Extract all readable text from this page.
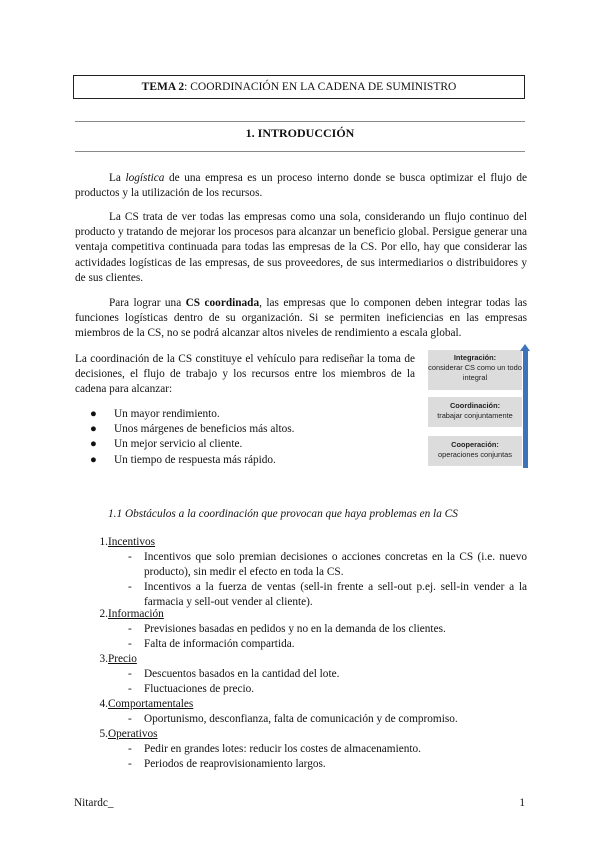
TEMA 2 : COORDINACIÓN EN LA CADENA DE SUMINISTRO
1. INTRODUCCIÓN
La logística de una empresa es un proceso interno donde se busca optimizar el flujo de productos y la utilización de los recursos.
La CS trata de ver todas las empresas como una sola, considerando un flujo continuo del producto y tratando de mejorar los procesos para alcanzar un beneficio global. Persigue generar una ventaja competitiva continuada para todas las empresas de la CS. Por ello, hay que considerar las actividades logísticas de las empresas, de sus proveedores, de sus intermediarios o distribuidores y de sus clientes.
Para lograr una CS coordinada, las empresas que lo componen deben integrar todas las funciones logísticas dentro de su organización. Si se permiten ineficiencias en las empresas miembros de la CS, no se podrá alcanzar altos niveles de rendimiento a escala global.
La coordinación de la CS constituye el vehículo para rediseñar la toma de decisiones, el flujo de trabajo y los recursos entre los miembros de la cadena para alcanzar:
● Un mayor rendimiento.
● Unos márgenes de beneficios más altos.
● Un mejor servicio al cliente.
● Un tiempo de respuesta más rápido.
Integración:
considerar CS como un todo integral
Coordinación:
trabajar conjuntamente
Cooperación:
operaciones conjuntas
1.1 Obstáculos a la coordinación que provocan que haya problemas en la CS
1.Incentivos
- Incentivos que solo premian decisiones o acciones concretas en la CS (i.e. nuevo producto), sin medir el efecto en toda la CS.
- Incentivos a la fuerza de ventas (sell-in frente a sell-out p.ej. sell-in vender a la farmacia y sell-out vender al cliente).
2.Información
- Previsiones basadas en pedidos y no en la demanda de los clientes.
- Falta de información compartida.
3.Precio
- Descuentos basados en la cantidad del lote.
- Fluctuaciones de precio.
4.Comportamentales
- Oportunismo, desconfianza, falta de comunicación y de compromiso.
5.Operativos
- Pedir en grandes lotes: reducir los costes de almacenamiento.
- Periodos de reaprovisionamiento largos.
Nitardc_	1
